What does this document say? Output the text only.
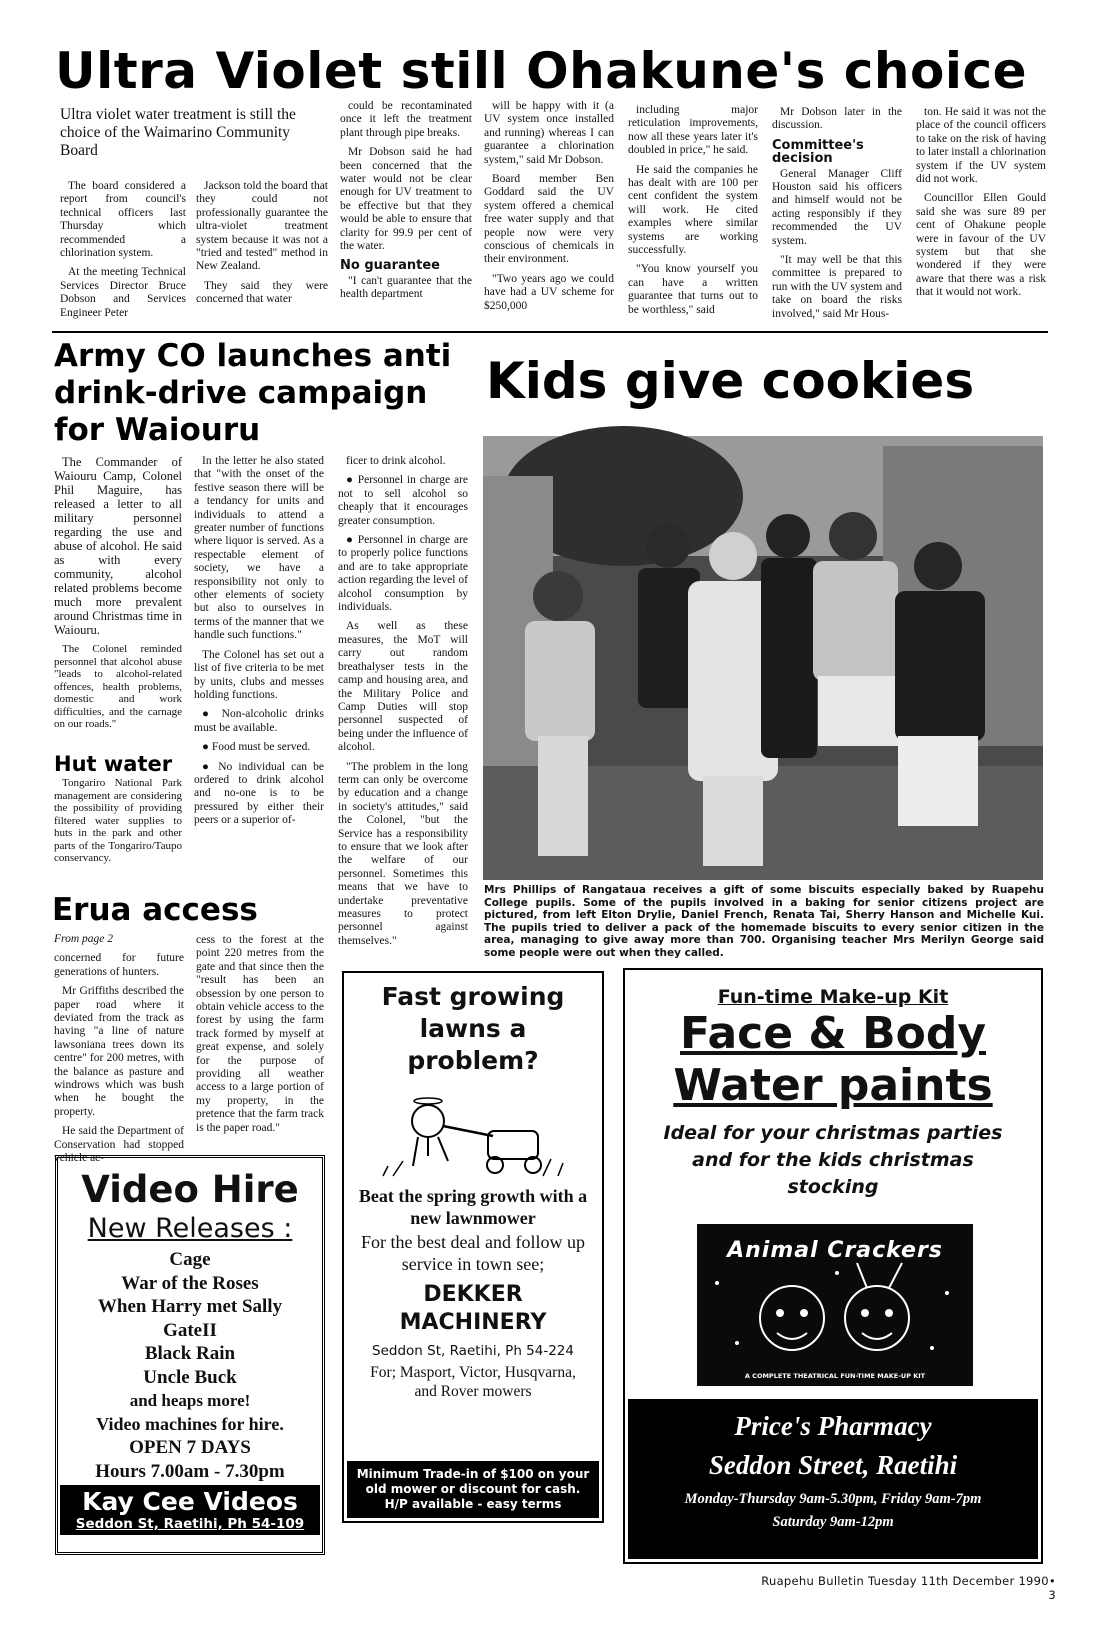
Ultra Violet still Ohakune's choice
Ultra violet water treatment is still the choice of the Waimarino Community Board

The board considered a report from council's technical officers last Thursday which recommended a chlorination system.

At the meeting Technical Services Director Bruce Dobson and Services Engineer Peter

Jackson told the board that they could not professionally guarantee the ultra-violet treatment system because it was not a "tried and tested" method in New Zealand.

They said they were concerned that water

could be recontaminated once it left the treatment plant through pipe breaks.

Mr Dobson said he had been concerned that the water would not be clear enough for UV treatment to be effective but that they would be able to ensure that clarity for 99.9 per cent of the water.

No guarantee

"I can't guarantee that the health department

will be happy with it (a UV system once installed and running) whereas I can guarantee a chlorination system," said Mr Dobson.

Board member Ben Goddard said the UV system offered a chemical free water supply and that people now were very conscious of chemicals in their environment.

"Two years ago we could have had a UV scheme for $250,000

including major reticulation improvements, now all these years later it's doubled in price," he said.

He said the companies he has dealt with are 100 per cent confident the system will work. He cited examples where similar systems are working successfully.

"You know yourself you can have a written guarantee that turns out to be worthless," said

Mr Dobson later in the discussion.

Committee's decision

General Manager Cliff Houston said his officers and himself would not be acting responsibly if they recommended the UV system.

"It may well be that this committee is prepared to run with the UV system and take on board the risks involved," said Mr Hous-

ton. He said it was not the place of the council officers to take on the risk of having to later install a chlorination system if the UV system did not work.

Councillor Ellen Gould said she was sure 89 per cent of Ohakune people were in favour of the UV system but that she wondered if they were aware that there was a risk that it would not work.

Army CO launches anti drink-drive campaign for Waiouru

The Commander of Waiouru Camp, Colonel Phil Maguire, has released a letter to all military personnel regarding the use and abuse of alcohol. He said as with every community, alcohol related problems become much more prevalent around Christmas time in Waiouru.

The Colonel reminded personnel that alcohol abuse "leads to alcohol-related offences, health problems, domestic and work difficulties, and the carnage on our roads."

In the letter he also stated that "with the onset of the festive season there will be a tendancy for units and individuals to attend a greater number of functions where liquor is served. As a respectable element of society, we have a responsibility not only to other elements of society but also to ourselves in terms of the manner that we handle such functions."

The Colonel has set out a list of five criteria to be met by units, clubs and messes holding functions.

● Non-alcoholic drinks must be available.

● Food must be served.

● No individual can be ordered to drink alcohol and no-one is to be pressured by either their peers or a superior of-

ficer to drink alcohol.

● Personnel in charge are not to sell alcohol so cheaply that it encourages greater consumption.

● Personnel in charge are to properly police functions and are to take appropriate action regarding the level of alcohol consumption by individuals.

As well as these measures, the MoT will carry out random breathalyser tests in the camp and housing area, and the Military Police and Camp Duties will stop personnel suspected of being under the influence of alcohol.

"The problem in the long term can only be overcome by education and a change in society's attitudes," said the Colonel, "but the Service has a responsibility to ensure that we look after the welfare of our personnel. Sometimes this means that we have to undertake preventative measures to protect personnel against themselves."

Hut water

Tongariro National Park management are considering the possibility of providing filtered water supplies to huts in the park and other parts of the Tongariro/Taupo conservancy.

Erua access

From page 2

concerned for future generations of hunters.

Mr Griffiths described the paper road where it deviated from the track as having "a line of nature lawsoniana trees down its centre" for 200 metres, with the balance as pasture and windrows which was bush when he bought the property.

He said the Department of Conservation had stopped vehicle ac-

cess to the forest at the point 220 metres from the gate and that since then the "result has been an obsession by one person to obtain vehicle access to the forest by using the farm track formed by myself at great expense, and solely for the purpose of providing all weather access to a large portion of my property, in the pretence that the farm track is the paper road."

Kids give cookies
Mrs Phillips of Rangataua receives a gift of some biscuits especially baked by Ruapehu College pupils. Some of the pupils involved in a baking for senior citizens project are pictured, from left Elton Drylie, Daniel French, Renata Tai, Sherry Hanson and Michelle Kui. The pupils tried to deliver a pack of the homemade biscuits to every senior citizen in the area, managing to give away more than 700. Organising teacher Mrs Merilyn George said some people were out when they called.
Video Hire
New Releases :
Cage
War of the Roses
When Harry met Sally
GateII
Black Rain
Uncle Buck
and heaps more!
Video machines for hire.
OPEN 7 DAYS
Hours 7.00am - 7.30pm
Kay Cee Videos
Seddon St, Raetihi, Ph 54-109
Fast growing lawns a problem?
Beat the spring growth with a new lawnmower
For the best deal and follow up service in town see;
DEKKER MACHINERY
Seddon St, Raetihi, Ph 54-224
For; Masport, Victor, Husqvarna, and Rover mowers
Minimum Trade-in of $100 on your old mower or discount for cash. H/P available - easy terms
Fun-time Make-up Kit
Face & Body
Water paints
Ideal for your christmas parties and for the kids christmas stocking
Animal Crackers
A COMPLETE THEATRICAL FUN-TIME MAKE-UP KIT
Price's Pharmacy
Seddon Street, Raetihi
Monday-Thursday 9am-5.30pm, Friday 9am-7pm
Saturday 9am-12pm
Ruapehu Bulletin Tuesday 11th December 1990• 3
